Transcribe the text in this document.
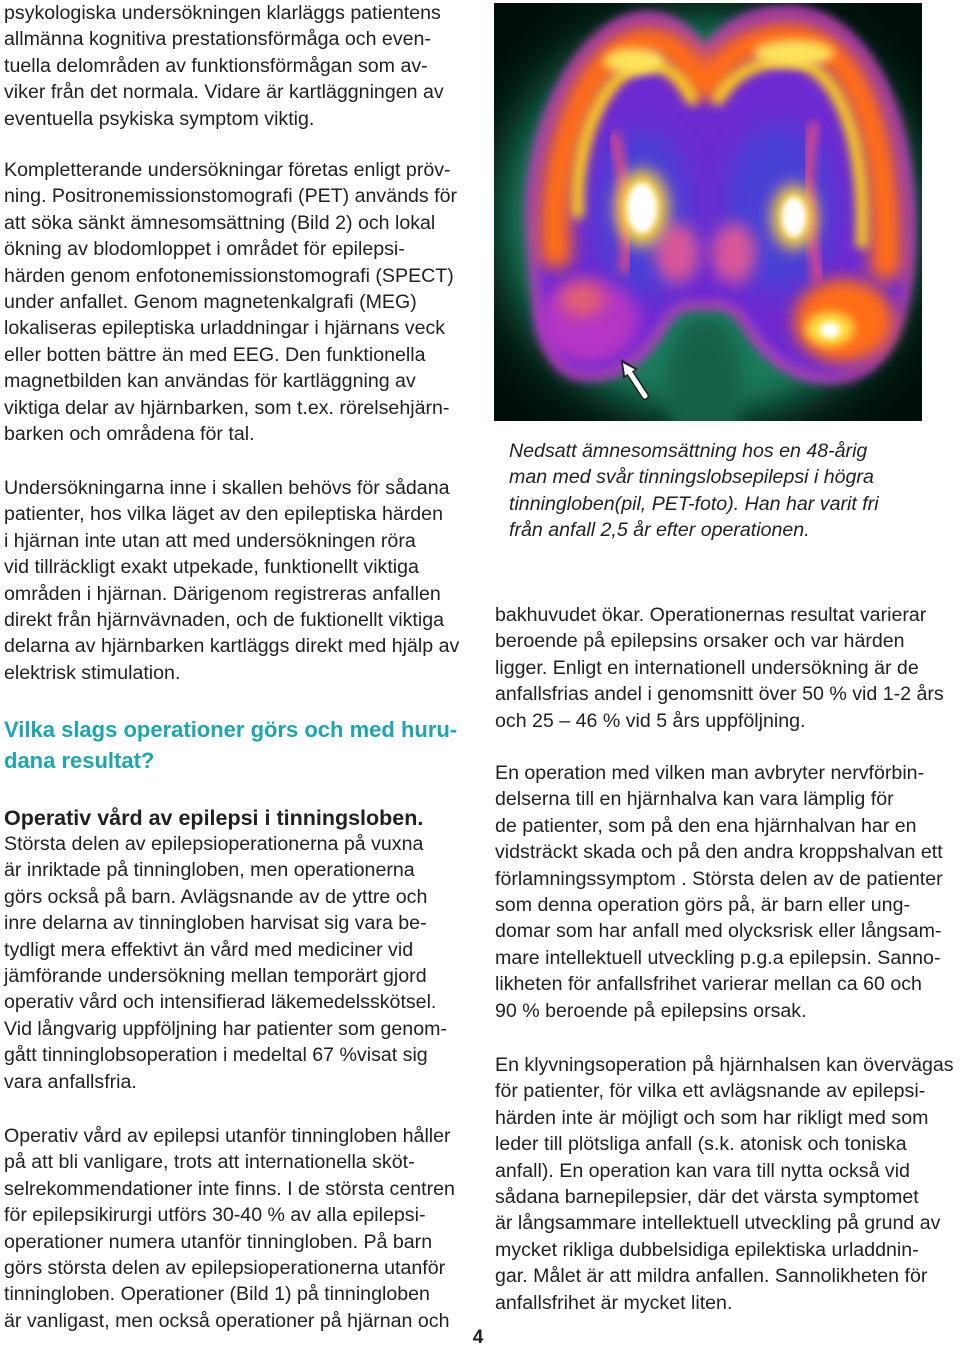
psykologiska undersökningen klarläggs patientens
allmänna kognitiva prestationsförmåga och even-
tuella delområden av funktionsförmågan som av-
viker från det normala. Vidare är kartläggningen av
eventuella psykiska symptom viktig.

Kompletterande undersökningar företas enligt pröv-
ning. Positronemissionstomografi (PET) används för
att söka sänkt ämnesomsättning (Bild 2) och lokal
ökning av blodomloppet i området för epilepsi-
härden genom enfotonemissionstomografi (SPECT)
under anfallet. Genom magnetenkalgrafi (MEG)
lokaliseras epileptiska urladdningar i hjärnans veck
eller botten bättre än med EEG. Den funktionella
magnetbilden kan användas för kartläggning av
viktiga delar av hjärnbarken, som t.ex. rörelsehjärn-
barken och områdena för tal.

Undersökningarna inne i skallen behövs för sådana
patienter, hos vilka läget av den epileptiska härden
i hjärnan inte utan att med undersökningen röra
vid tillräckligt exakt utpekade, funktionellt viktiga
områden i hjärnan. Därigenom registreras anfallen
direkt från hjärnvävnaden, och de fuktionellt viktiga
delarna av hjärnbarken kartläggs direkt med hjälp av
elektrisk stimulation.

Vilka slags operationer görs och med huru-
dana resultat?
Operativ vård av epilepsi i tinningsloben.

Största delen av epilepsioperationerna på vuxna
är inriktade på tinningloben, men operationerna
görs också på barn. Avlägsnande av de yttre och
inre delarna av tinningloben harvisat sig vara be-
tydligt mera effektivt än vård med mediciner vid
jämförande undersökning mellan temporärt gjord
operativ vård och intensifierad läkemedelsskötsel.
Vid långvarig uppföljning har patienter som genom-
gått tinninglobsoperation i medeltal 67 %visat sig
vara anfallsfria.

Operativ vård av epilepsi utanför tinningloben håller
på att bli vanligare, trots att internationella sköt-
selrekommendationer inte finns. I de största centren
för epilepsikirurgi utförs 30-40 % av alla epilepsi-
operationer numera utanför tinningloben. På barn
görs största delen av epilepsioperationerna utanför
tinningloben. Operationer (Bild 1) på tinningloben
är vanligast, men också operationer på hjärnan och

Nedsatt ämnesomsättning hos en 48-årig
man med svår tinningslobsepilepsi i högra
tinningloben(pil, PET-foto). Han har varit fri
från anfall 2,5 år efter operationen.

bakhuvudet ökar. Operationernas resultat varierar
beroende på epilepsins orsaker och var härden
ligger. Enligt en internationell undersökning är de
anfallsfrias andel i genomsnitt över 50 % vid 1-2 års
och 25 – 46 % vid 5 års uppföljning.

En operation med vilken man avbryter nervförbin-
delserna till en hjärnhalva kan vara lämplig för
de patienter, som på den ena hjärnhalvan har en
vidsträckt skada och på den andra kroppshalvan ett
förlamningssymptom . Största delen av de patienter
som denna operation görs på, är barn eller ung-
domar som har anfall med olycksrisk eller långsam-
mare intellektuell utveckling p.g.a epilepsin. Sanno-
likheten för anfallsfrihet varierar mellan ca 60 och
90 % beroende på epilepsins orsak.

En klyvningsoperation på hjärnhalsen kan övervägas
för patienter, för vilka ett avlägsnande av epilepsi-
härden inte är möjligt och som har rikligt med som
leder till plötsliga anfall (s.k. atonisk och toniska
anfall). En operation kan vara till nytta också vid
sådana barnepilepsier, där det värsta symptomet
är långsammare intellektuell utveckling på grund av
mycket rikliga dubbelsidiga epilektiska urladdnin-
gar. Målet är att mildra anfallen. Sannolikheten för
anfallsfrihet är mycket liten.

4
